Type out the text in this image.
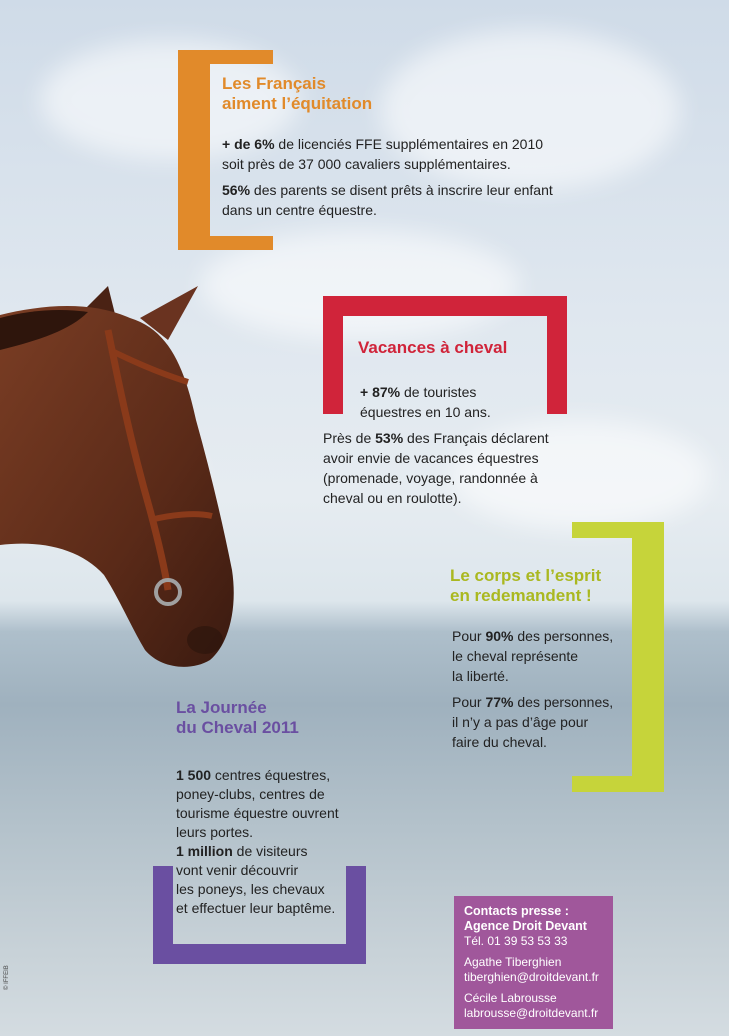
Les Français

aiment l’équitation

+ de 6% de licenciés FFE supplémentaires en 2010

soit près de 37 000 cavaliers supplémentaires.

56% des parents se disent prêts à inscrire leur enfant

dans un centre équestre.

Vacances à cheval

+ 87% de touristes

équestres en 10 ans.

Près de 53% des Français déclarent

avoir envie de vacances équestres

(promenade, voyage, randonnée à

cheval ou en roulotte).

Le corps et l’esprit

en redemandent !

Pour 90% des personnes,

le cheval représente

la liberté.

Pour 77% des personnes,

il n’y a pas d’âge pour

faire du cheval.

La Journée

du Cheval 2011

1 500 centres équestres,

poney-clubs, centres de

tourisme équestre ouvrent

leurs portes.

1 million de visiteurs

vont venir découvrir

les poneys, les chevaux

et effectuer leur baptême.	Contacts presse :

Agence Droit Devant

Tél. 01 39 53 53 33

Agathe Tiberghien

tiberghien@droitdevant.fr

Cécile Labrousse

labrousse@droitdevant.fr

© IFFEIB
